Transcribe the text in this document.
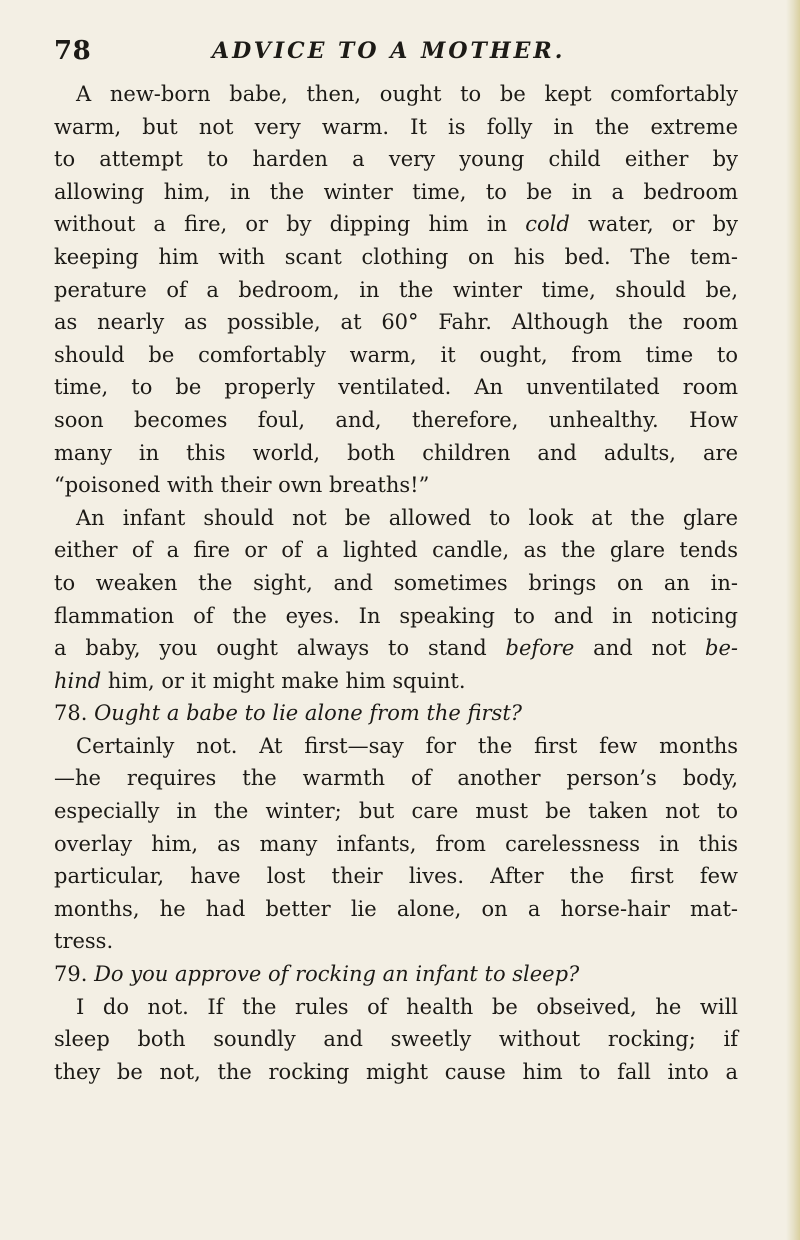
78	ADVICE TO A MOTHER.
A new-born babe, then, ought to be kept comfortably
warm, but not very warm. It is folly in the extreme
to attempt to harden a very young child either by
allowing him, in the winter time, to be in a bedroom
without a fire, or by dipping him in cold water, or by
keeping him with scant clothing on his bed. The tem-
perature of a bedroom, in the winter time, should be,
as nearly as possible, at 60° Fahr. Although the room
should be comfortably warm, it ought, from time to
time, to be properly ventilated. An unventilated room
soon becomes foul, and, therefore, unhealthy. How
many in this world, both children and adults, are
“poisoned with their own breaths!”
An infant should not be allowed to look at the glare
either of a fire or of a lighted candle, as the glare tends
to weaken the sight, and sometimes brings on an in-
flammation of the eyes. In speaking to and in noticing
a baby, you ought always to stand before and not be-
hind him, or it might make him squint.
78. Ought a babe to lie alone from the first?
Certainly not. At first—say for the first few months
—he requires the warmth of another person’s body,
especially in the winter; but care must be taken not to
overlay him, as many infants, from carelessness in this
particular, have lost their lives. After the first few
months, he had better lie alone, on a horse-hair mat-
tress.
79. Do you approve of rocking an infant to sleep?
I do not. If the rules of health be obseived, he will
sleep both soundly and sweetly without rocking; if
they be not, the rocking might cause him to fall into a
